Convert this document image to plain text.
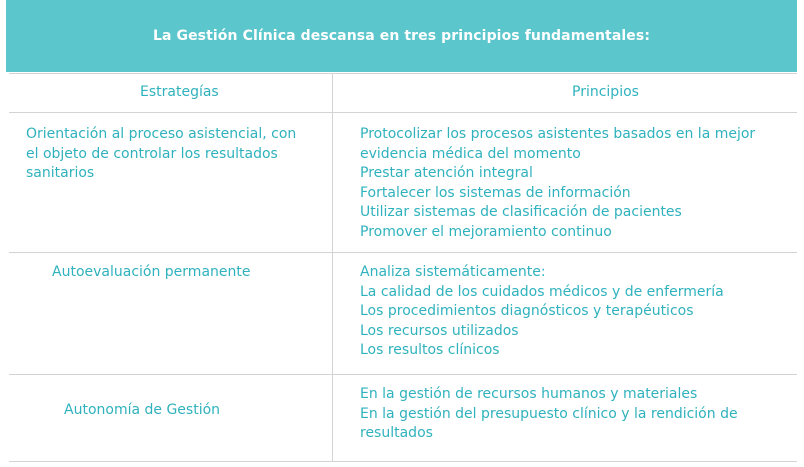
La Gestión Clínica descansa en tres principios fundamentales:
Estrategías	Principios
Orientación al proceso asistencial, con
el objeto de controlar los resultados
sanitarios
Protocolizar los procesos asistentes basados en la mejor
evidencia médica del momento
Prestar atención integral
Fortalecer los sistemas de información
Utilizar sistemas de clasificación de pacientes
Promover el mejoramiento continuo
Autoevaluación permanente	Analiza sistemáticamente:
La calidad de los cuidados médicos y de enfermería
Los procedimientos diagnósticos y terapéuticos
Los recursos utilizados
Los resultos clínicos
Autonomía de Gestión
En la gestión de recursos humanos y materiales
En la gestión del presupuesto clínico y la rendición de
resultados
